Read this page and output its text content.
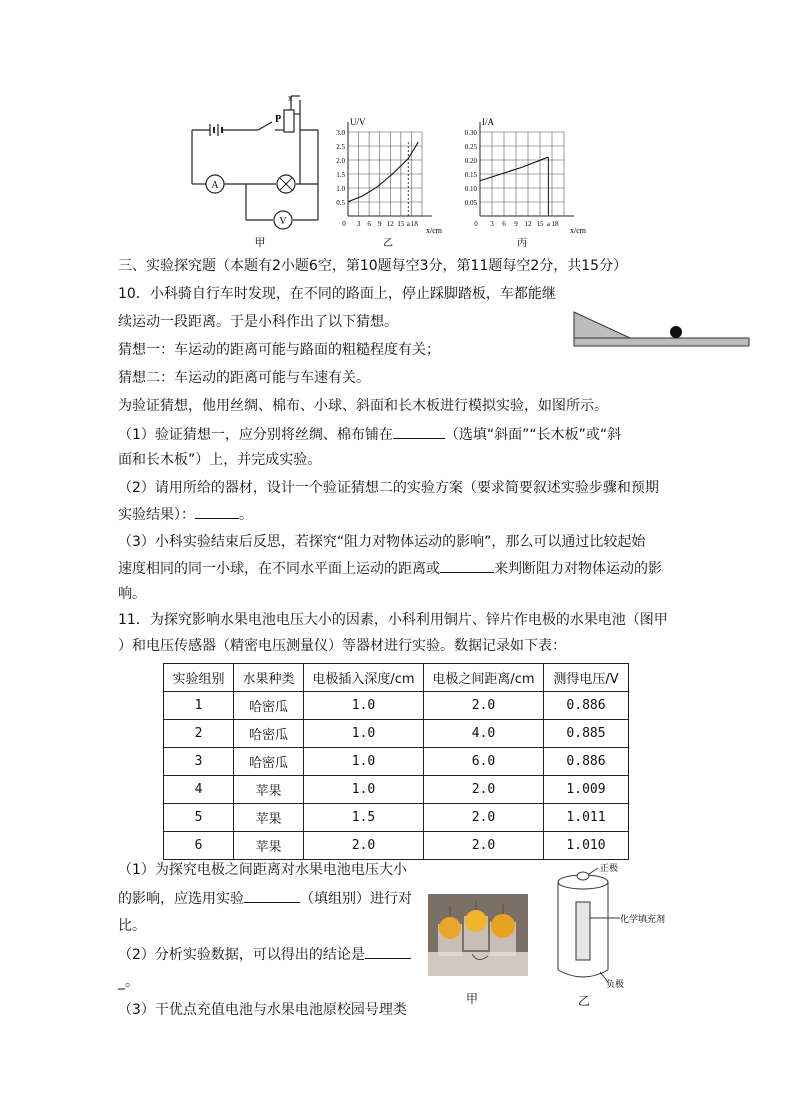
A
V
P
x
甲
U/V
0.5
1.0
1.5
2.0
2.5
3.0
0 3 6 9 12 15 a 18
x/cm
乙
I/A
0.05
0.10
0.15
0.20
0.25
0.30
0 3 6 9 12 15 a 18
x/cm
丙
三、实验探究题（本题有2小题6空，第10题每空3分，第11题每空2分，共15分）
10．小科骑自行车时发现，在不同的路面上，停止踩脚踏板，车都能继
续运动一段距离。于是小科作出了以下猜想。
猜想一：车运动的距离可能与路面的粗糙程度有关；
猜想二：车运动的距离可能与车速有关。
为验证猜想，他用丝绸、棉布、小球、斜面和长木板进行模拟实验，如图所示。
（1）验证猜想一，应分别将丝绸、棉布铺在	（选填“斜面”“长木板”或“斜
面和长木板”）上，并完成实验。
（2）请用所给的器材，设计一个验证猜想二的实验方案（要求简要叙述实验步骤和预期
实验结果）：	。
（3）小科实验结束后反思，若探究“阻力对物体运动的影响”，那么可以通过比较起始
速度相同的同一小球，在不同水平面上运动的距离或	来判断阻力对物体运动的影
响。
11．为探究影响水果电池电压大小的因素，小科利用铜片、锌片作电极的水果电池（图甲
）和电压传感器（精密电压测量仪）等器材进行实验。数据记录如下表：
实验组别	水果种类	电极插入深度/cm	电极之间距离/cm	测得电压/V
1	哈密瓜	1.0	2.0	0.886
2	哈密瓜	1.0	4.0	0.885
3	哈密瓜	1.0	6.0	0.886
4	苹果	1.0	2.0	1.009
5	苹果	1.5	2.0	1.011
6	苹果	2.0	2.0	1.010
（1）为探究电极之间距离对水果电池电压大小
的影响，应选用实验	（填组别）进行对
比。
（2）分析实验数据，可以得出的结论是
_。
（3）干优点充值电池与水果电池原校园号理类
甲
正极
化学填充剂
负极
乙
